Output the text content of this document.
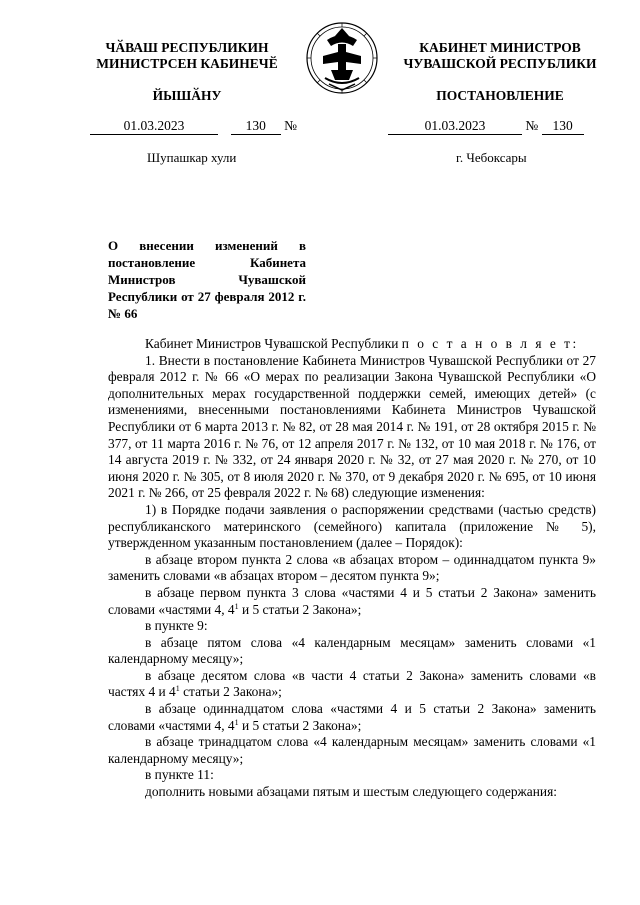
ЧӐВАШ РЕСПУБЛИКИН
МИНИСТРСЕН КАБИНЕЧӖ
ЙЫШӐНУ
КАБИНЕТ МИНИСТРОВ
ЧУВАШСКОЙ РЕСПУБЛИКИ
ПОСТАНОВЛЕНИЕ
01.03.2023	130 №	01.03.2023	№ 130
Шупашкар хули	г. Чебоксары
О внесении изменений в постановление Кабинета Министров Чувашской Республики от 27 февраля 2012 г. № 66

Кабинет Министров Чувашской Республики п о с т а н о в л я е т:

1. Внести в постановление Кабинета Министров Чувашской Республики от 27 февраля 2012 г. № 66 «О мерах по реализации Закона Чувашской Республики «О дополнительных мерах государственной поддержки семей, имеющих детей» (с изменениями, внесенными постановлениями Кабинета Министров Чувашской Республики от 6 марта 2013 г. № 82, от 28 мая 2014 г. № 191, от 28 октября 2015 г. № 377, от 11 марта 2016 г. № 76, от 12 апреля 2017 г. № 132, от 10 мая 2018 г. № 176, от 14 августа 2019 г. № 332, от 24 января 2020 г. № 32, от 27 мая 2020 г. № 270, от 10 июня 2020 г. № 305, от 8 июля 2020 г. № 370, от 9 декабря 2020 г. № 695, от 10 июня 2021 г. № 266, от 25 февраля 2022 г. № 68) следующие изменения:

1) в Порядке подачи заявления о распоряжении средствами (частью средств) республиканского материнского (семейного) капитала (приложение № 5), утвержденном указанным постановлением (далее – Порядок):

в абзаце втором пункта 2 слова «в абзацах втором – одиннадцатом пункта 9» заменить словами «в абзацах втором – десятом пункта 9»;

в абзаце первом пункта 3 слова «частями 4 и 5 статьи 2 Закона» заменить словами «частями 4, $4^1$ и 5 статьи 2 Закона»;

в пункте 9:

в абзаце пятом слова «4 календарным месяцам» заменить словами «1 календарному месяцу»;

в абзаце десятом слова «в части 4 статьи 2 Закона» заменить словами «в частях 4 и $4^1$ статьи 2 Закона»;

в абзаце одиннадцатом слова «частями 4 и 5 статьи 2 Закона» заменить словами «частями 4, $4^1$ и 5 статьи 2 Закона»;

в абзаце тринадцатом слова «4 календарным месяцам» заменить словами «1 календарному месяцу»;

в пункте 11:

дополнить новыми абзацами пятым и шестым следующего содержания:
